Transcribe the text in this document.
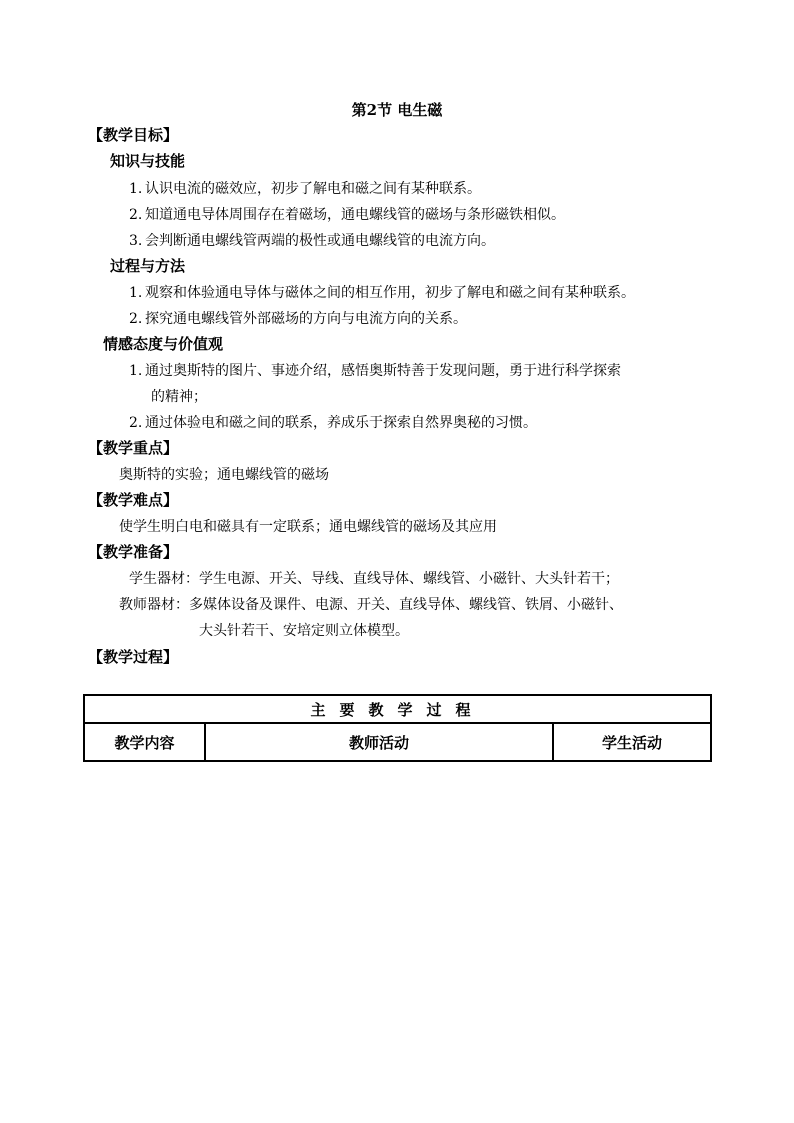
第2节 电生磁
【教学目标】
知识与技能
1. 认识电流的磁效应，初步了解电和磁之间有某种联系。
2. 知道通电导体周围存在着磁场，通电螺线管的磁场与条形磁铁相似。
3. 会判断通电螺线管两端的极性或通电螺线管的电流方向。
过程与方法
1. 观察和体验通电导体与磁体之间的相互作用，初步了解电和磁之间有某种联系。
2. 探究通电螺线管外部磁场的方向与电流方向的关系。
情感态度与价值观
1. 通过奥斯特的图片、事迹介绍，感悟奥斯特善于发现问题，勇于进行科学探索
的精神；
2. 通过体验电和磁之间的联系，养成乐于探索自然界奥秘的习惯。
【教学重点】
奥斯特的实验；通电螺线管的磁场
【教学难点】
使学生明白电和磁具有一定联系；通电螺线管的磁场及其应用
【教学准备】
学生器材：学生电源、开关、导线、直线导体、螺线管、小磁针、大头针若干；
教师器材：多媒体设备及课件、电源、开关、直线导体、螺线管、铁屑、小磁针、
大头针若干、安培定则立体模型。
【教学过程】
主要教学过程
教学内容	教师活动	学生活动
